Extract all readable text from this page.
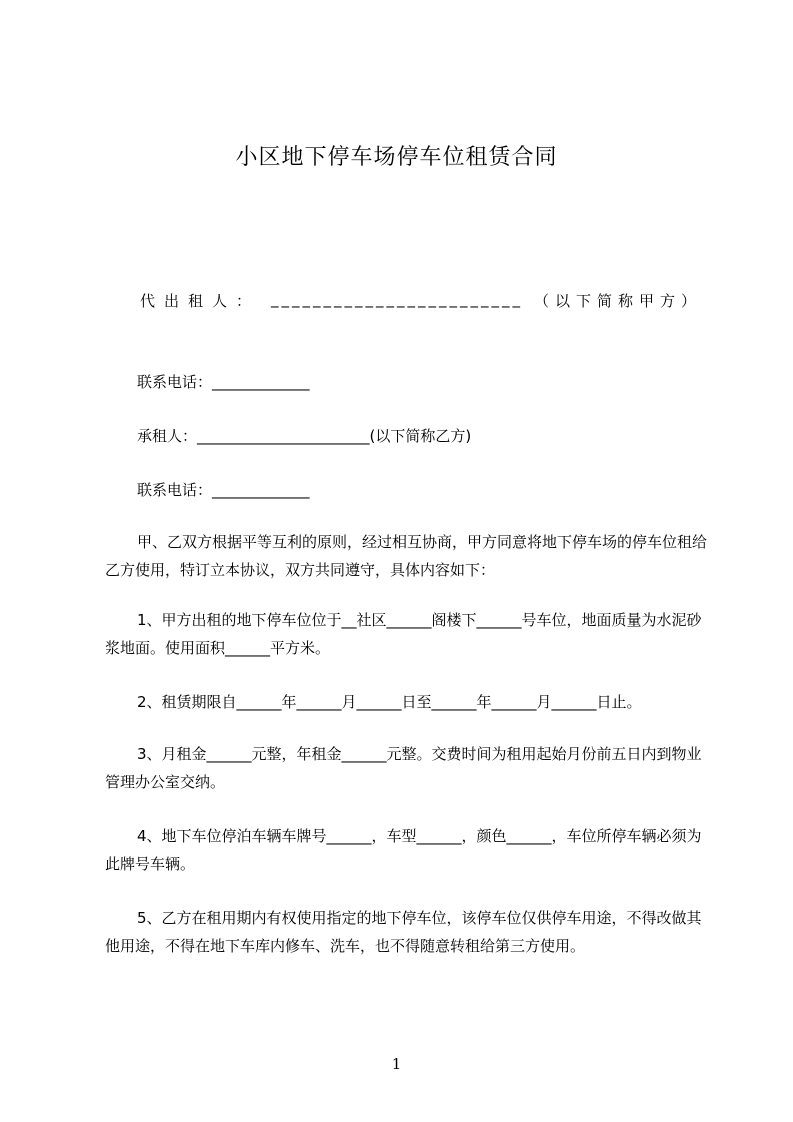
小区地下停车场停车位租赁合同
代出租人： ________________________ （以下简称甲方）
联系电话：_____________
承租人：_______________________(以下简称乙方)
联系电话：_____________
甲、乙双方根据平等互利的原则，经过相互协商，甲方同意将地下停车场的停车位租给乙方使用，特订立本协议，双方共同遵守，具体内容如下：
1、甲方出租的地下停车位位于__社区______阁楼下______号车位，地面质量为水泥砂浆地面。使用面积______平方米。
2、租赁期限自______年______月______日至______年______月______日止。
3、月租金______元整，年租金______元整。交费时间为租用起始月份前五日内到物业管理办公室交纳。
4、地下车位停泊车辆车牌号______，车型______，颜色______，车位所停车辆必须为此牌号车辆。
5、乙方在租用期内有权使用指定的地下停车位，该停车位仅供停车用途，不得改做其他用途，不得在地下车库内修车、洗车，也不得随意转租给第三方使用。
1
